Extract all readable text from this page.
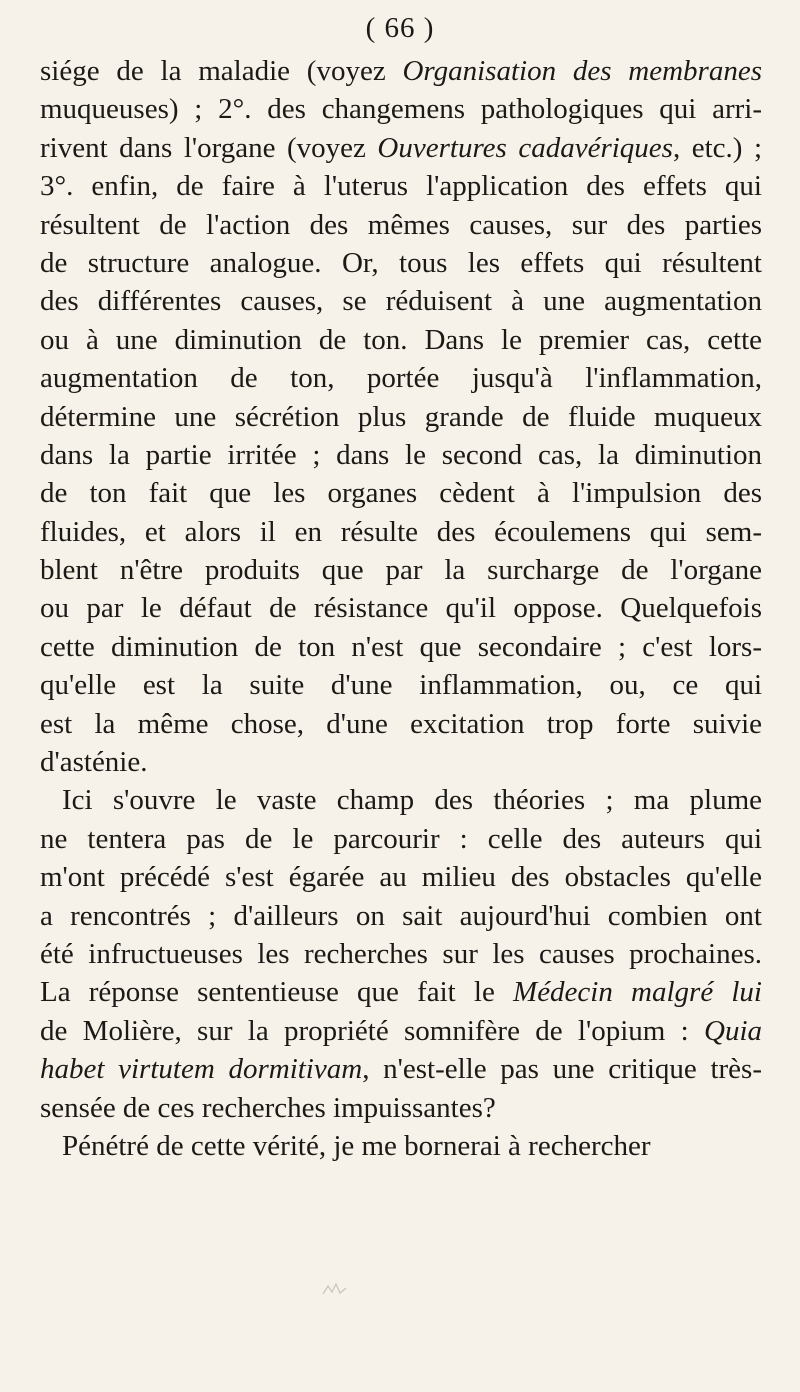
( 66 )
siége de la maladie (voyez Organisation des membranes
muqueuses) ; 2°. des changemens pathologiques qui arri-
rivent dans l'organe (voyez Ouvertures cadavériques, etc.) ;
3°. enfin, de faire à l'uterus l'application des effets qui
résultent de l'action des mêmes causes, sur des parties
de structure analogue. Or, tous les effets qui résultent
des différentes causes, se réduisent à une augmentation
ou à une diminution de ton. Dans le premier cas, cette
augmentation de ton, portée jusqu'à l'inflammation,
détermine une sécrétion plus grande de fluide muqueux
dans la partie irritée ; dans le second cas, la diminution
de ton fait que les organes cèdent à l'impulsion des
fluides, et alors il en résulte des écoulemens qui sem-
blent n'être produits que par la surcharge de l'organe
ou par le défaut de résistance qu'il oppose. Quelquefois
cette diminution de ton n'est que secondaire ; c'est lors-
qu'elle est la suite d'une inflammation, ou, ce qui
est la même chose, d'une excitation trop forte suivie
d'asténie.
Ici s'ouvre le vaste champ des théories ; ma plume
ne tentera pas de le parcourir : celle des auteurs qui
m'ont précédé s'est égarée au milieu des obstacles qu'elle
a rencontrés ; d'ailleurs on sait aujourd'hui combien ont
été infructueuses les recherches sur les causes prochaines.
La réponse sententieuse que fait le Médecin malgré lui
de Molière, sur la propriété somnifère de l'opium : Quia
habet virtutem dormitivam, n'est-elle pas une critique très-
sensée de ces recherches impuissantes?
Pénétré de cette vérité, je me bornerai à rechercher
